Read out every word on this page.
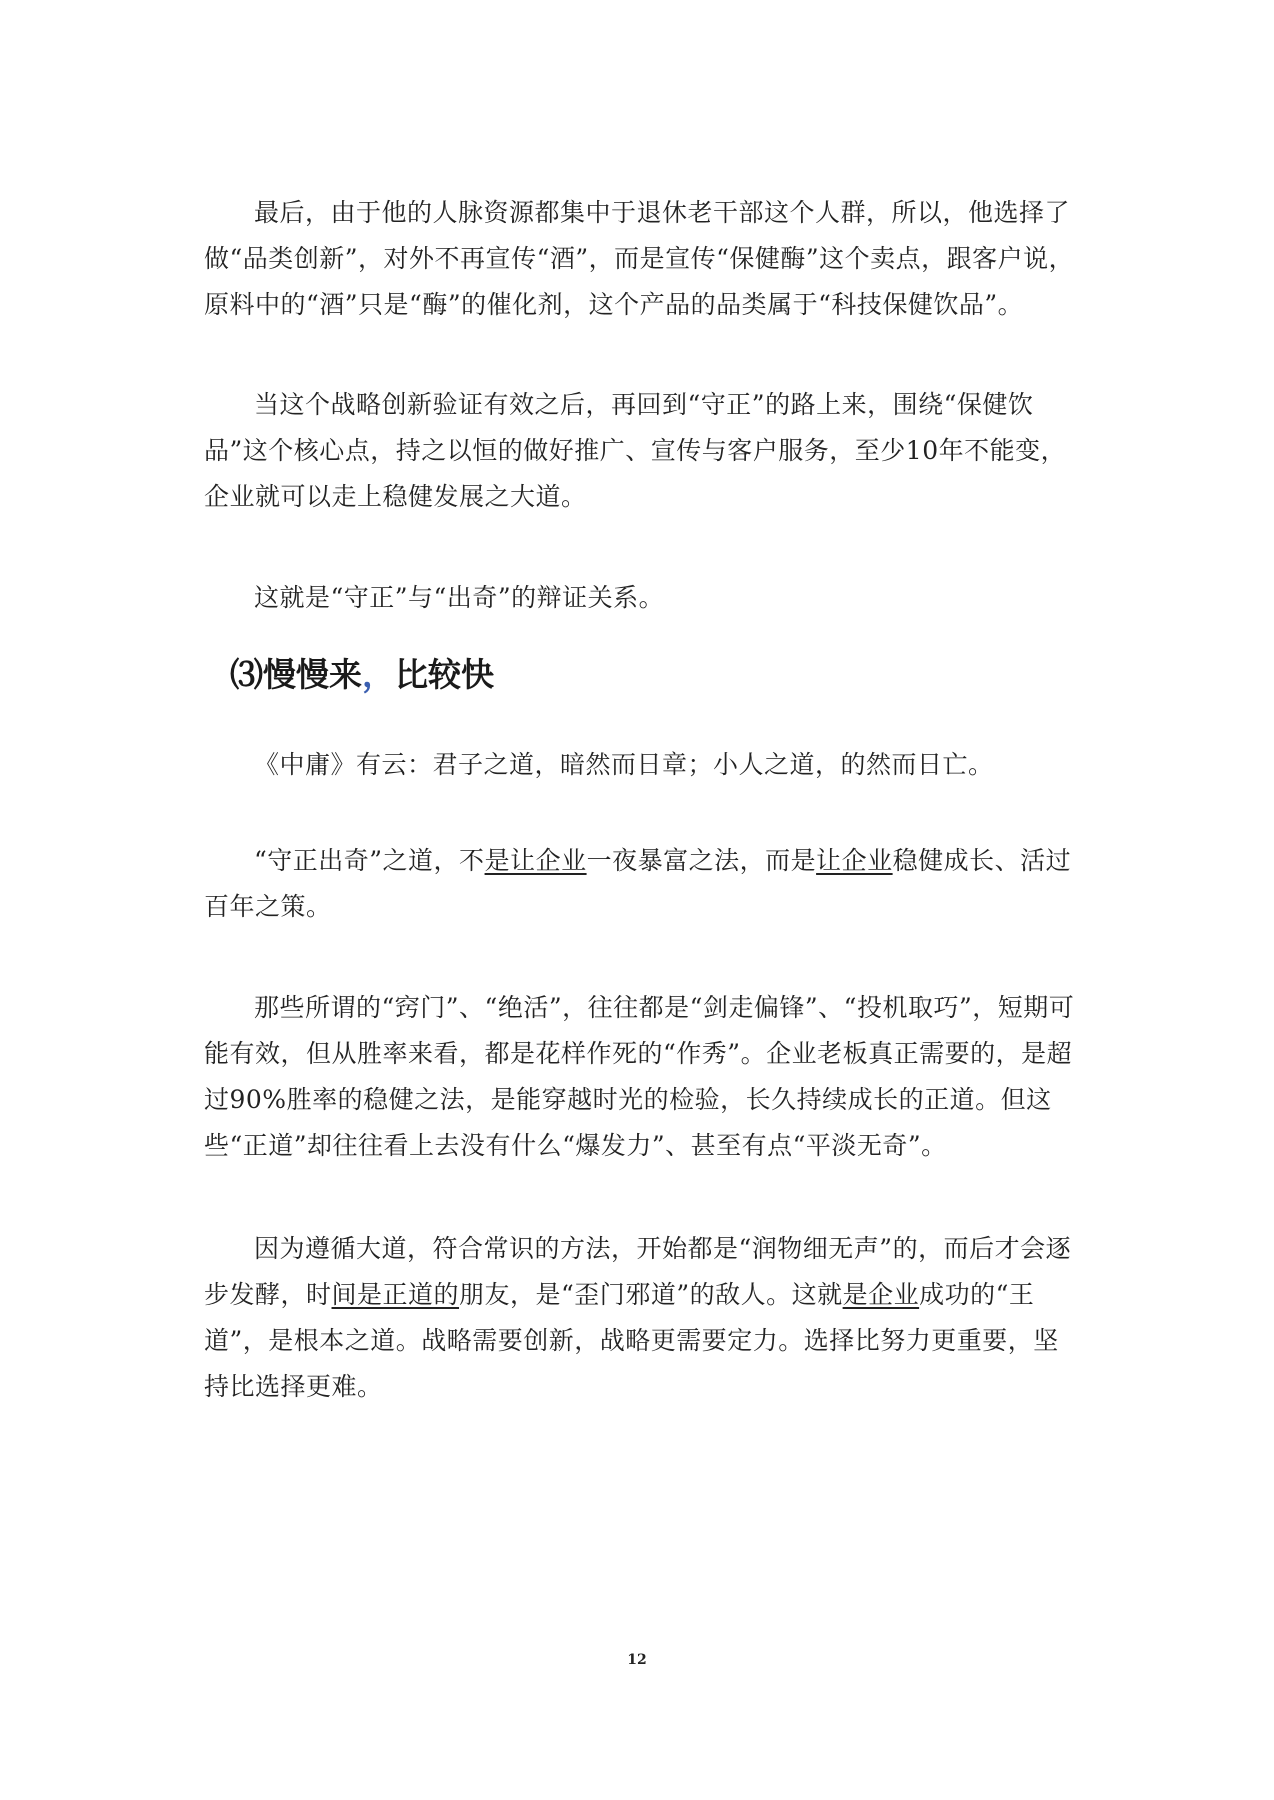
最后，由于他的人脉资源都集中于退休老干部这个人群，所以，他选择了做“品类创新”，对外不再宣传“酒”，而是宣传“保健酶”这个卖点，跟客户说，原料中的“酒”只是“酶”的催化剂，这个产品的品类属于“科技保健饮品”。

当这个战略创新验证有效之后，再回到“守正”的路上来，围绕“保健饮品”这个核心点，持之以恒的做好推广、宣传与客户服务，至少10年不能变，企业就可以走上稳健发展之大道。

这就是“守正”与“出奇”的辩证关系。

⑶慢慢来，比较快

《中庸》有云：君子之道，暗然而日章；小人之道，的然而日亡。

“守正出奇”之道，不是让企业一夜暴富之法，而是让企业稳健成长、活过百年之策。

那些所谓的“窍门”、“绝活”，往往都是“剑走偏锋”、“投机取巧”，短期可能有效，但从胜率来看，都是花样作死的“作秀”。企业老板真正需要的，是超过90%胜率的稳健之法，是能穿越时光的检验，长久持续成长的正道。但这些“正道”却往往看上去没有什么“爆发力”、甚至有点“平淡无奇”。

因为遵循大道，符合常识的方法，开始都是“润物细无声”的，而后才会逐步发酵，时间是正道的朋友，是“歪门邪道”的敌人。这就是企业成功的“王道”，是根本之道。战略需要创新，战略更需要定力。选择比努力更重要，坚持比选择更难。

12
